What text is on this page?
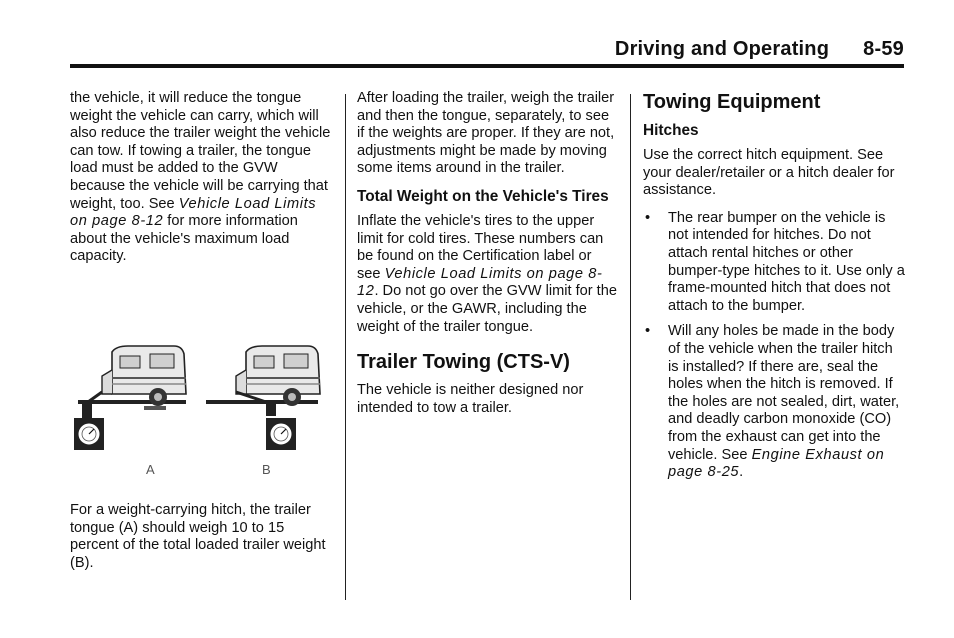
Driving and Operating 8-59

the vehicle, it will reduce the tongue weight the vehicle can carry, which will also reduce the trailer weight the vehicle can tow. If towing a trailer, the tongue load must be added to the GVW because the vehicle will be carrying that weight, too. See Vehicle Load Limits on page 8-12 for more information about the vehicle's maximum load capacity.

A	B

For a weight-carrying hitch, the trailer tongue (A) should weigh 10 to 15 percent of the total loaded trailer weight (B).

After loading the trailer, weigh the trailer and then the tongue, separately, to see if the weights are proper. If they are not, adjustments might be made by moving some items around in the trailer.

Total Weight on the Vehicle's Tires

Inflate the vehicle's tires to the upper limit for cold tires. These numbers can be found on the Certification label or see Vehicle Load Limits on page 8-12. Do not go over the GVW limit for the vehicle, or the GAWR, including the weight of the trailer tongue.

Trailer Towing (CTS-V)

The vehicle is neither designed nor intended to tow a trailer.

Towing Equipment
Hitches

Use the correct hitch equipment. See your dealer/retailer or a hitch dealer for assistance.

• The rear bumper on the vehicle is not intended for hitches. Do not attach rental hitches or other bumper-type hitches to it. Use only a frame-mounted hitch that does not attach to the bumper.
• Will any holes be made in the body of the vehicle when the trailer hitch is installed? If there are, seal the holes when the hitch is removed. If the holes are not sealed, dirt, water, and deadly carbon monoxide (CO) from the exhaust can get into the vehicle. See Engine Exhaust on page 8-25.
